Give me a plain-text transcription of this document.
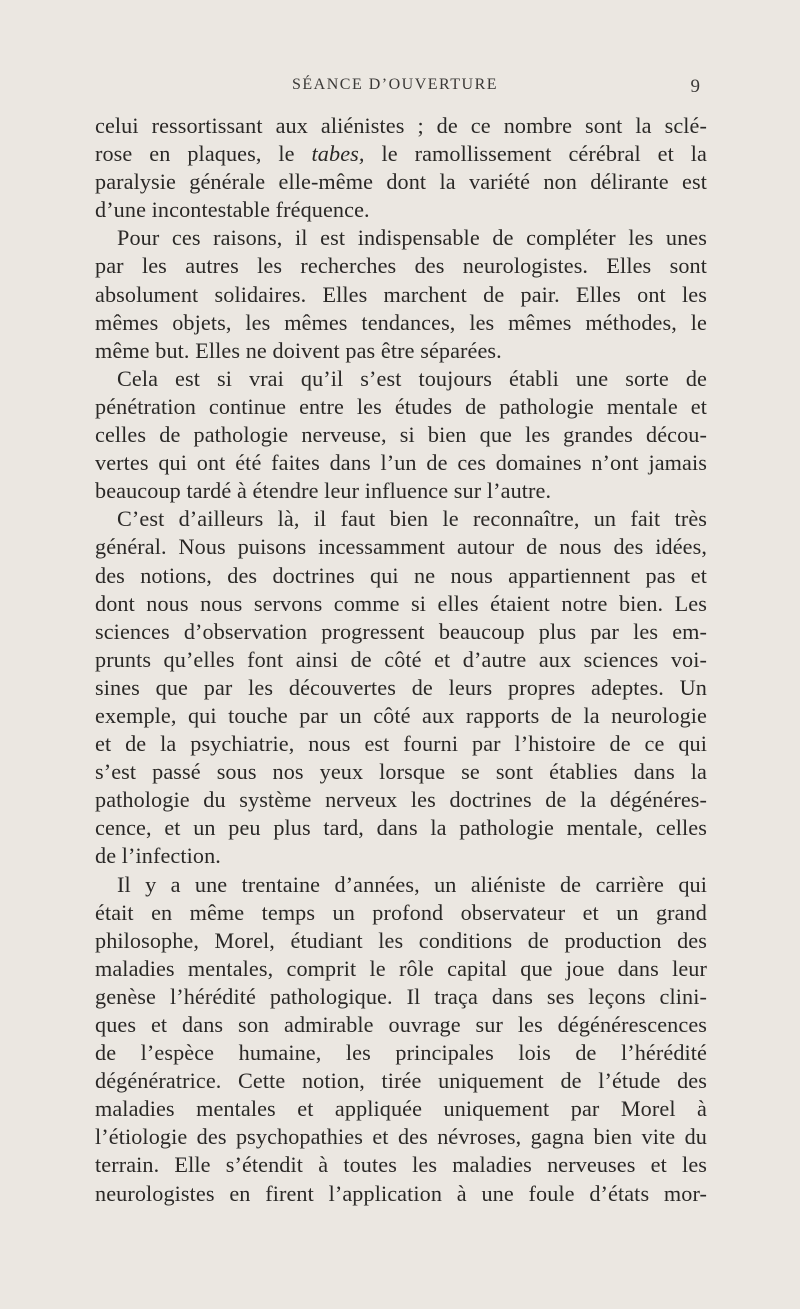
SÉANCE D’OUVERTURE	9
celui ressortissant aux aliénistes ; de ce nombre sont la sclé-
rose en plaques, le tabes, le ramollissement cérébral et la
paralysie générale elle-même dont la variété non délirante est
d’une incontestable fréquence.
Pour ces raisons, il est indispensable de compléter les unes
par les autres les recherches des neurologistes. Elles sont
absolument solidaires. Elles marchent de pair. Elles ont les
mêmes objets, les mêmes tendances, les mêmes méthodes, le
même but. Elles ne doivent pas être séparées.
Cela est si vrai qu’il s’est toujours établi une sorte de
pénétration continue entre les études de pathologie mentale et
celles de pathologie nerveuse, si bien que les grandes décou-
vertes qui ont été faites dans l’un de ces domaines n’ont jamais
beaucoup tardé à étendre leur influence sur l’autre.
C’est d’ailleurs là, il faut bien le reconnaître, un fait très
général. Nous puisons incessamment autour de nous des idées,
des notions, des doctrines qui ne nous appartiennent pas et
dont nous nous servons comme si elles étaient notre bien. Les
sciences d’observation progressent beaucoup plus par les em-
prunts qu’elles font ainsi de côté et d’autre aux sciences voi-
sines que par les découvertes de leurs propres adeptes. Un
exemple, qui touche par un côté aux rapports de la neurologie
et de la psychiatrie, nous est fourni par l’histoire de ce qui
s’est passé sous nos yeux lorsque se sont établies dans la
pathologie du système nerveux les doctrines de la dégénéres-
cence, et un peu plus tard, dans la pathologie mentale, celles
de l’infection.
Il y a une trentaine d’années, un aliéniste de carrière qui
était en même temps un profond observateur et un grand
philosophe, Morel, étudiant les conditions de production des
maladies mentales, comprit le rôle capital que joue dans leur
genèse l’hérédité pathologique. Il traça dans ses leçons clini-
ques et dans son admirable ouvrage sur les dégénérescences
de l’espèce humaine, les principales lois de l’hérédité
dégénératrice. Cette notion, tirée uniquement de l’étude des
maladies mentales et appliquée uniquement par Morel à
l’étiologie des psychopathies et des névroses, gagna bien vite du
terrain. Elle s’étendit à toutes les maladies nerveuses et les
neurologistes en firent l’application à une foule d’états mor-
